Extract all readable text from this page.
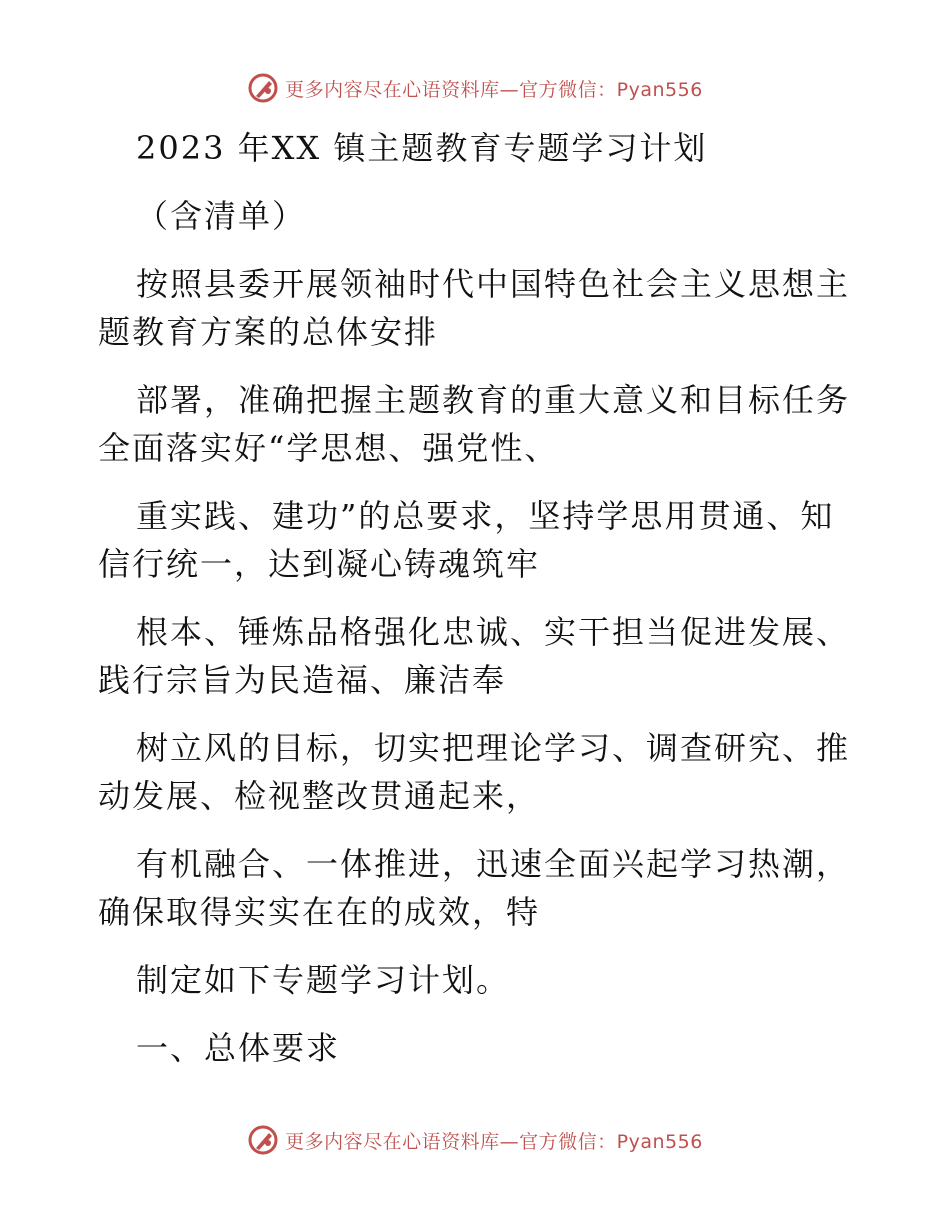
更多内容尽在心语资料库—官方微信：Pyan556
2023 年XX 镇主题教育专题学习计划
（含清单）
按照县委开展领袖时代中国特色社会主义思想主
题教育方案的总体安排
部署，准确把握主题教育的重大意义和目标任务
全面落实好“学思想、强党性、
重实践、建功”的总要求，坚持学思用贯通、知
信行统一，达到凝心铸魂筑牢
根本、锤炼品格强化忠诚、实干担当促进发展、
践行宗旨为民造福、廉洁奉
树立风的目标，切实把理论学习、调查研究、推
动发展、检视整改贯通起来，
有机融合、一体推进，迅速全面兴起学习热潮，
确保取得实实在在的成效，特
制定如下专题学习计划。
一、总体要求
更多内容尽在心语资料库—官方微信：Pyan556
